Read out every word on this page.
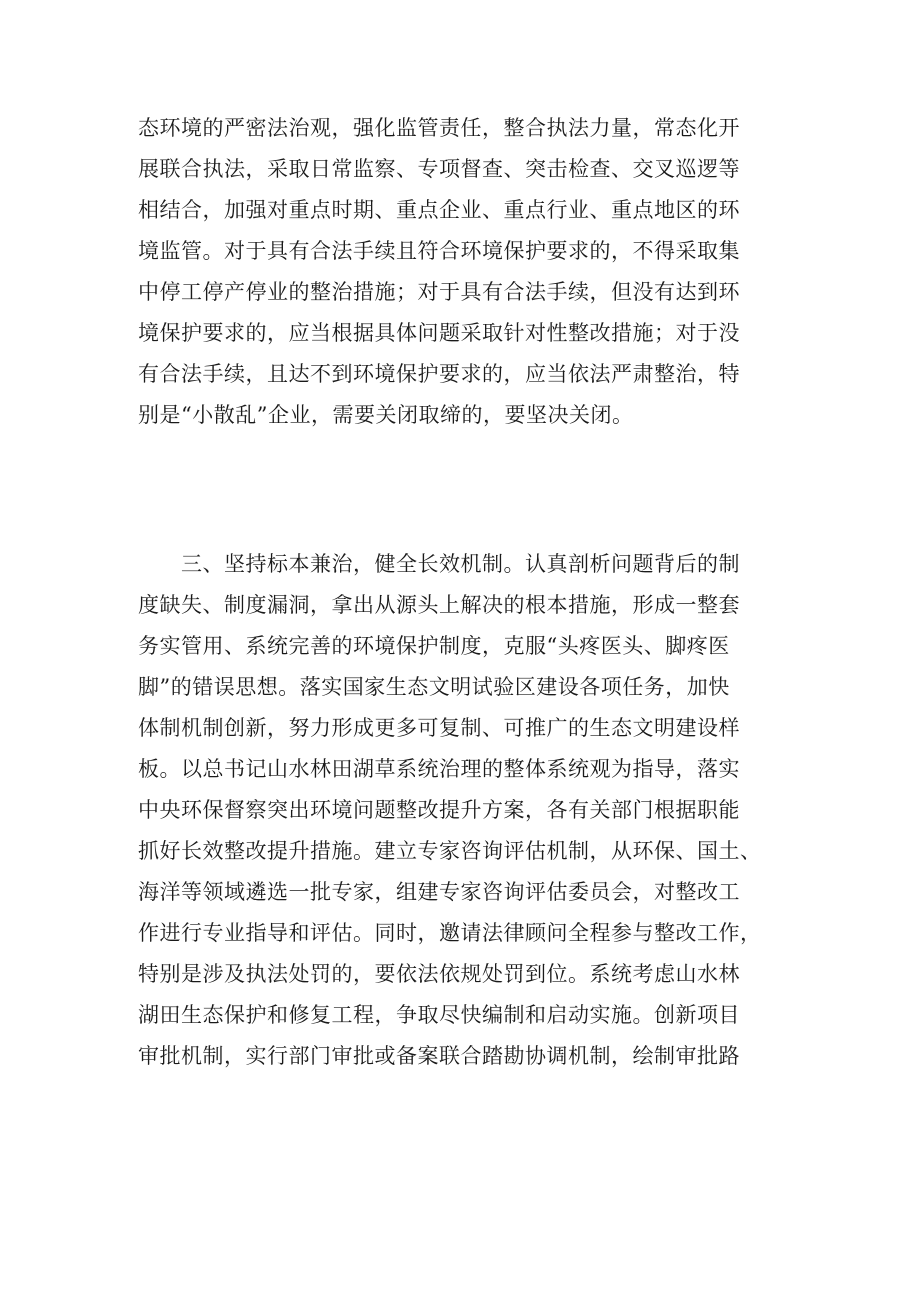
态环境的严密法治观，强化监管责任，整合执法力量，常态化开
展联合执法，采取日常监察、专项督查、突击检查、交叉巡逻等
相结合，加强对重点时期、重点企业、重点行业、重点地区的环
境监管。对于具有合法手续且符合环境保护要求的，不得采取集
中停工停产停业的整治措施；对于具有合法手续，但没有达到环
境保护要求的，应当根据具体问题采取针对性整改措施；对于没
有合法手续，且达不到环境保护要求的，应当依法严肃整治，特
别是“小散乱”企业，需要关闭取缔的，要坚决关闭。
　　三、坚持标本兼治，健全长效机制。认真剖析问题背后的制
度缺失、制度漏洞，拿出从源头上解决的根本措施，形成一整套
务实管用、系统完善的环境保护制度，克服“头疼医头、脚疼医
脚”的错误思想。落实国家生态文明试验区建设各项任务，加快
体制机制创新，努力形成更多可复制、可推广的生态文明建设样
板。以总书记山水林田湖草系统治理的整体系统观为指导，落实
中央环保督察突出环境问题整改提升方案，各有关部门根据职能
抓好长效整改提升措施。建立专家咨询评估机制，从环保、国土、
海洋等领域遴选一批专家，组建专家咨询评估委员会，对整改工
作进行专业指导和评估。同时，邀请法律顾问全程参与整改工作，
特别是涉及执法处罚的，要依法依规处罚到位。系统考虑山水林
湖田生态保护和修复工程，争取尽快编制和启动实施。创新项目
审批机制，实行部门审批或备案联合踏勘协调机制，绘制审批路
